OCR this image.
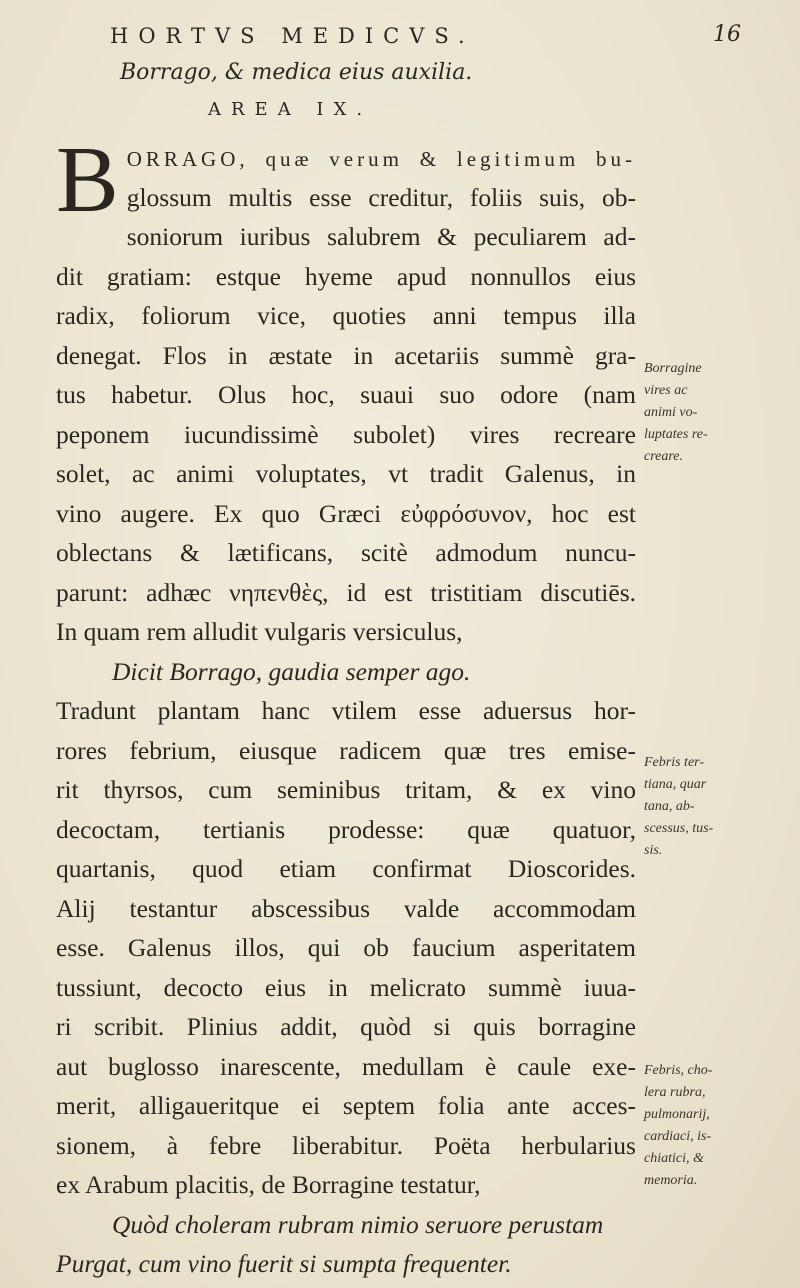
HORTVS MEDICVS.	16
Borrago, & medica eius auxilia.
AREA IX.
B ORRAGO, quæ verum & legitimum bu-
glossum multis esse creditur, foliis suis, ob-
soniorum iuribus salubrem & peculiarem ad-
dit gratiam: estque hyeme apud nonnullos eius
radix, foliorum vice, quoties anni tempus illa
denegat. Flos in æstate in acetariis summè gra-
tus habetur. Olus hoc, suaui suo odore (nam
peponem iucundissimè subolet) vires recreare
solet, ac animi voluptates, vt tradit Galenus, in
vino augere. Ex quo Græci εὐφρόσυνον, hoc est
oblectans & lætificans, scitè admodum nuncu-
parunt: adhæc νηπενθὲς, id est tristitiam discutiēs.
In quam rem alludit vulgaris versiculus,
Dicit Borrago, gaudia semper ago.
Tradunt plantam hanc vtilem esse aduersus hor-
rores febrium, eiusque radicem quæ tres emise-
rit thyrsos, cum seminibus tritam, & ex vino
decoctam, tertianis prodesse: quæ quatuor,
quartanis, quod etiam confirmat Dioscorides.
Alij testantur abscessibus valde accommodam
esse. Galenus illos, qui ob faucium asperitatem
tussiunt, decocto eius in melicrato summè iuua-
ri scribit. Plinius addit, quòd si quis borragine
aut buglosso inarescente, medullam è caule exe-
merit, alligaueritque ei septem folia ante acces-
sionem, à febre liberabitur. Poëta herbularius
ex Arabum placitis, de Borragine testatur,
Quòd choleram rubram nimio seruore perustam
Purgat, cum vino fuerit si sumpta frequenter.
Borragine
vires ac
animi vo-
luptates re-
creare.
Febris ter-
tiana, quar
tana, ab-
scessus, tus-
sis.
Febris, cho-
lera rubra,
pulmonarij,
cardiaci, is-
chiatici, &
memoria.
